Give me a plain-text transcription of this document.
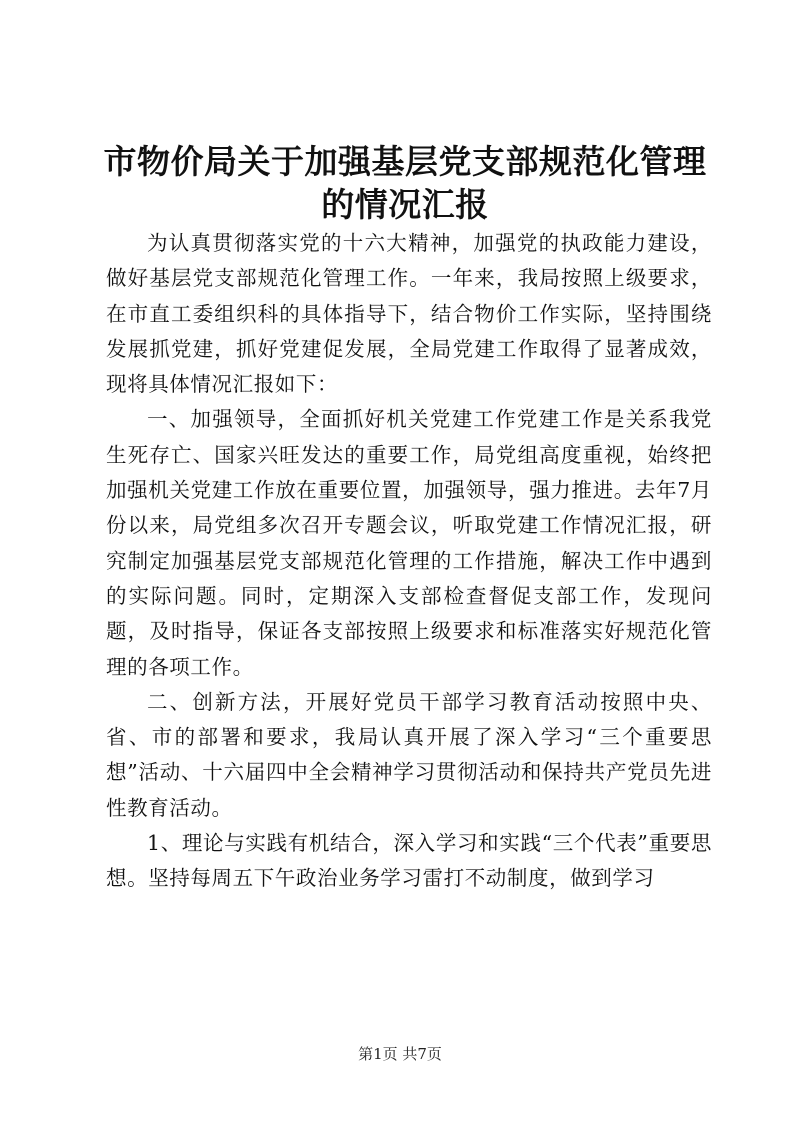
市物价局关于加强基层党支部规范化管理的情况汇报

为认真贯彻落实党的十六大精神，加强党的执政能力建设，做好基层党支部规范化管理工作。一年来，我局按照上级要求，在市直工委组织科的具体指导下，结合物价工作实际，坚持围绕发展抓党建，抓好党建促发展，全局党建工作取得了显著成效，现将具体情况汇报如下：

一、加强领导，全面抓好机关党建工作党建工作是关系我党生死存亡、国家兴旺发达的重要工作，局党组高度重视，始终把加强机关党建工作放在重要位置，加强领导，强力推进。去年7月份以来，局党组多次召开专题会议，听取党建工作情况汇报，研究制定加强基层党支部规范化管理的工作措施，解决工作中遇到的实际问题。同时，定期深入支部检查督促支部工作，发现问题，及时指导，保证各支部按照上级要求和标准落实好规范化管理的各项工作。

二、创新方法，开展好党员干部学习教育活动按照中央、省、市的部署和要求，我局认真开展了深入学习“三个重要思想”活动、十六届四中全会精神学习贯彻活动和保持共产党员先进性教育活动。

1、理论与实践有机结合，深入学习和实践“三个代表”重要思想。坚持每周五下午政治业务学习雷打不动制度，做到学习

第1页 共7页
